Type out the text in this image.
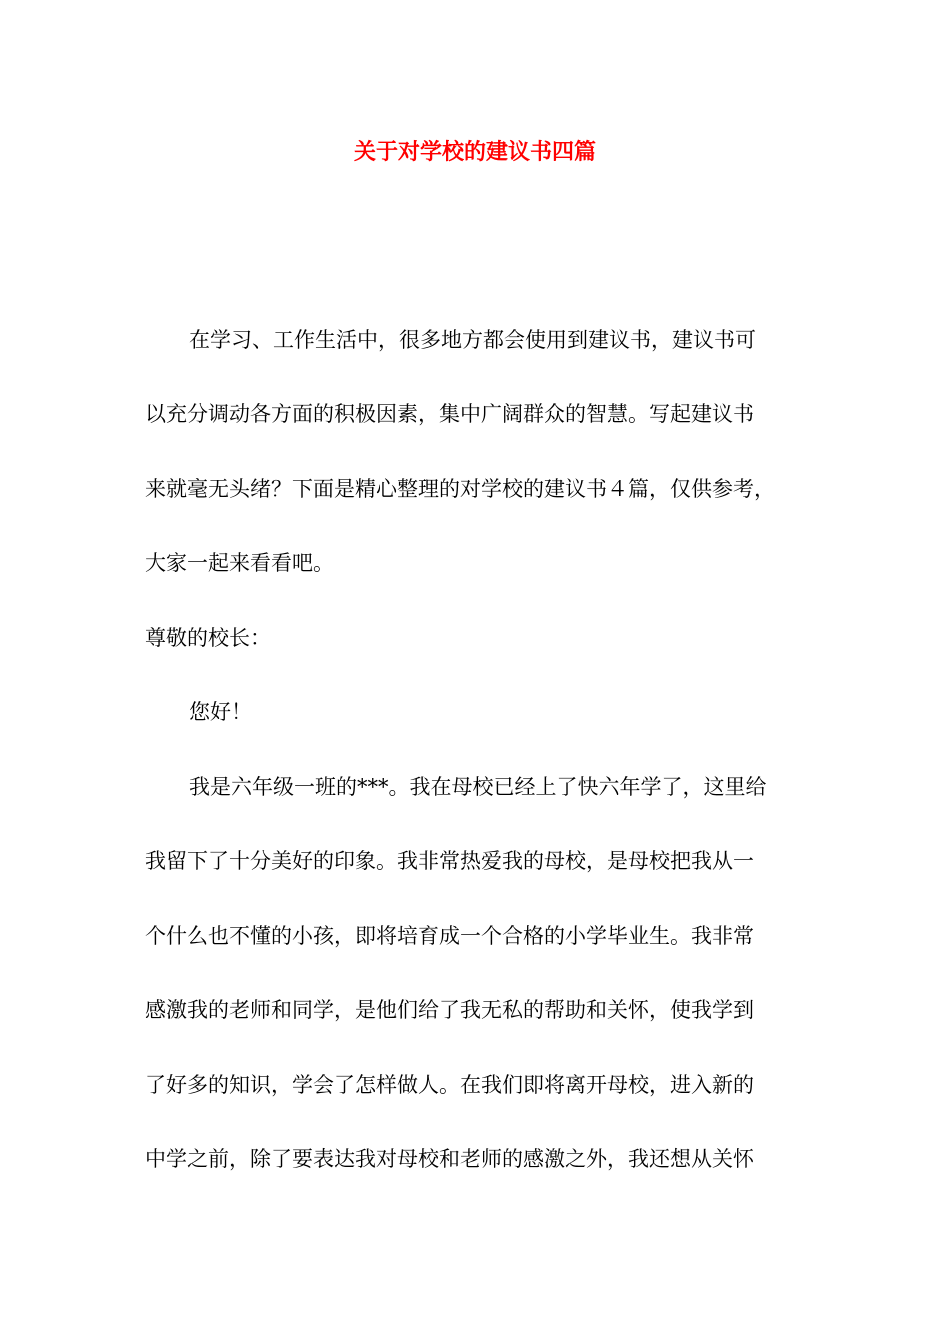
关于对学校的建议书四篇
在学习、工作生活中，很多地方都会使用到建议书，建议书可
以充分调动各方面的积极因素，集中广阔群众的智慧。写起建议书
来就毫无头绪？下面是精心整理的对学校的建议书４篇，仅供参考，
大家一起来看看吧。
尊敬的校长：
您好！
我是六年级一班的***。我在母校已经上了快六年学了，这里给
我留下了十分美好的印象。我非常热爱我的母校，是母校把我从一
个什么也不懂的小孩，即将培育成一个合格的小学毕业生。我非常
感激我的老师和同学，是他们给了我无私的帮助和关怀，使我学到
了好多的知识，学会了怎样做人。在我们即将离开母校，进入新的
中学之前，除了要表达我对母校和老师的感激之外，我还想从关怀
